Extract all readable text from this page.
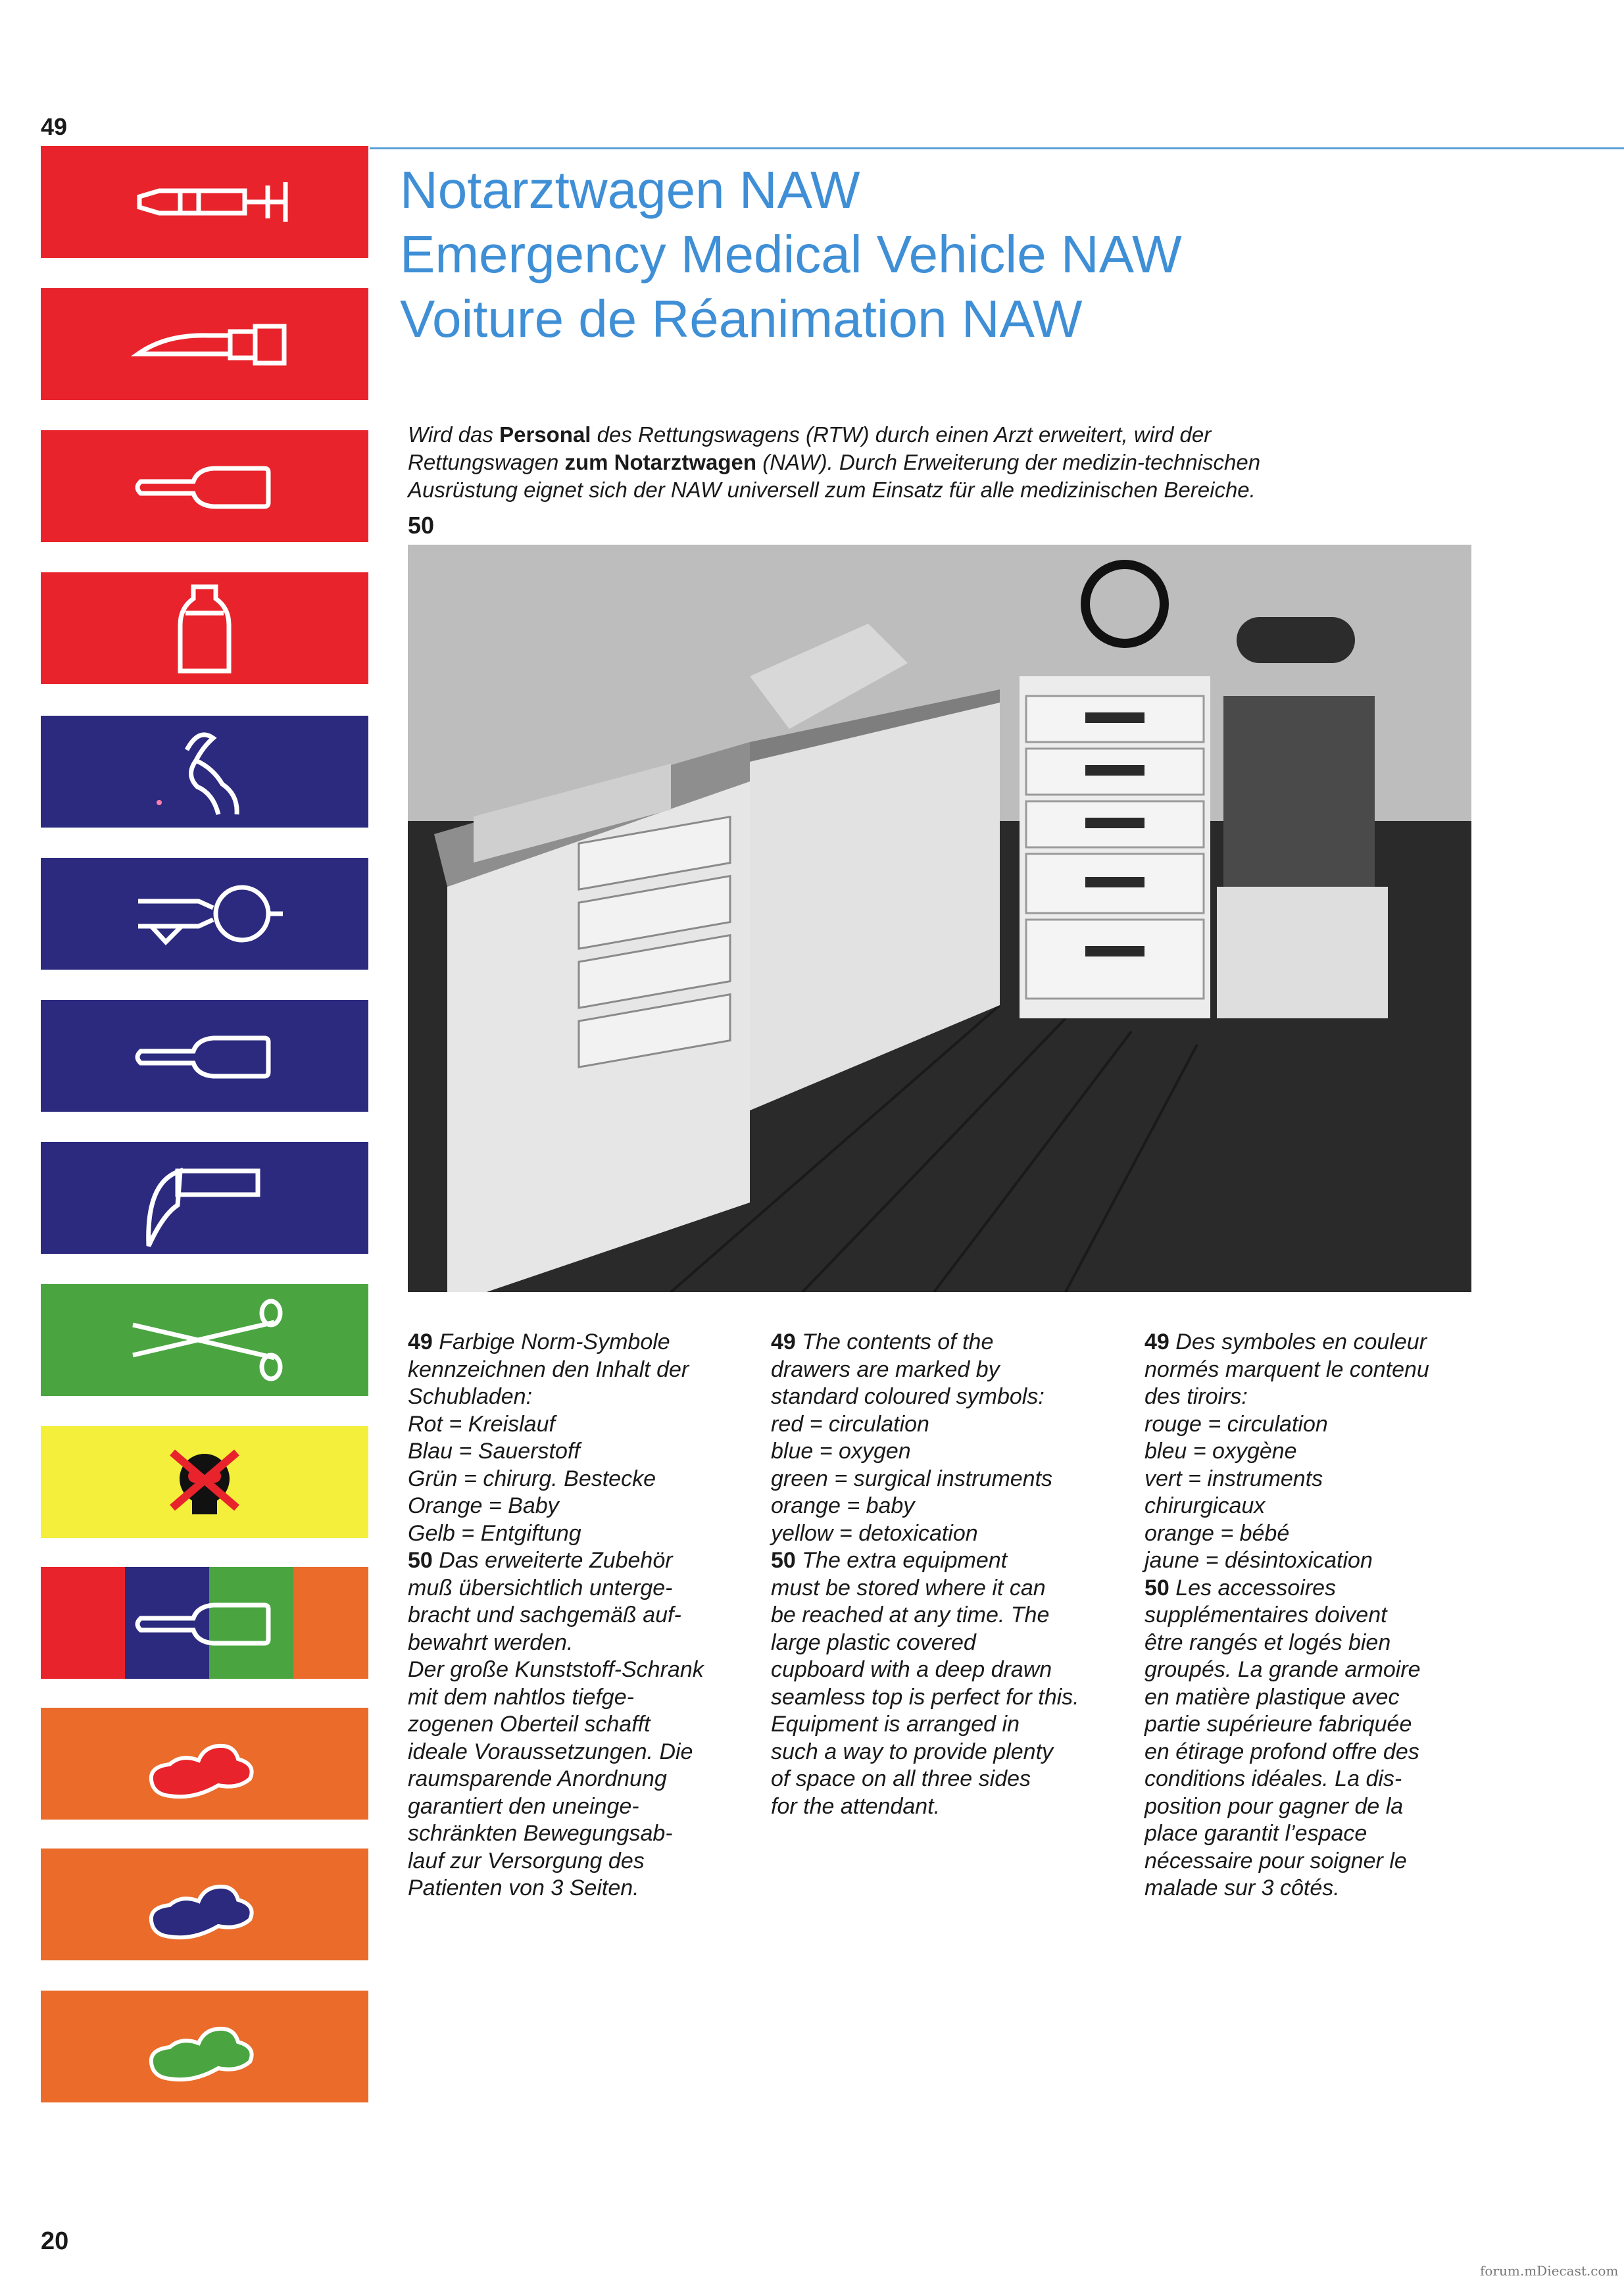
49
Notarztwagen NAW
Emergency Medical Vehicle NAW
Voiture de Réanimation NAW
Wird das Personal des Rettungswagens (RTW) durch einen Arzt erweitert, wird der
Rettungswagen zum Notarztwagen (NAW). Durch Erweiterung der medizin-technischen
Ausrüstung eignet sich der NAW universell zum Einsatz für alle medizinischen Bereiche.
50
49 Farbige Norm-Symbole
kennzeichnen den Inhalt der
Schubladen:
Rot = Kreislauf
Blau = Sauerstoff
Grün = chirurg. Bestecke
Orange = Baby
Gelb = Entgiftung
50 Das erweiterte Zubehör
muß übersichtlich unterge-
bracht und sachgemäß auf-
bewahrt werden.
Der große Kunststoff-Schrank
mit dem nahtlos tiefge-
zogenen Oberteil schafft
ideale Voraussetzungen. Die
raumsparende Anordnung
garantiert den uneinge-
schränkten Bewegungsab-
lauf zur Versorgung des
Patienten von 3 Seiten.
49 The contents of the
drawers are marked by
standard coloured symbols:
red = circulation
blue = oxygen
green = surgical instruments
orange = baby
yellow = detoxication
50 The extra equipment
must be stored where it can
be reached at any time. The
large plastic covered
cupboard with a deep drawn
seamless top is perfect for this.
Equipment is arranged in
such a way to provide plenty
of space on all three sides
for the attendant.
49 Des symboles en couleur
normés marquent le contenu
des tiroirs:
rouge = circulation
bleu = oxygène
vert = instruments
chirurgicaux
orange = bébé
jaune = désintoxication
50 Les accessoires
supplémentaires doivent
être rangés et logés bien
groupés. La grande armoire
en matière plastique avec
partie supérieure fabriquée
en étirage profond offre des
conditions idéales. La dis-
position pour gagner de la
place garantit l’espace
nécessaire pour soigner le
malade sur 3 côtés.
20
forum.mDiecast.com
